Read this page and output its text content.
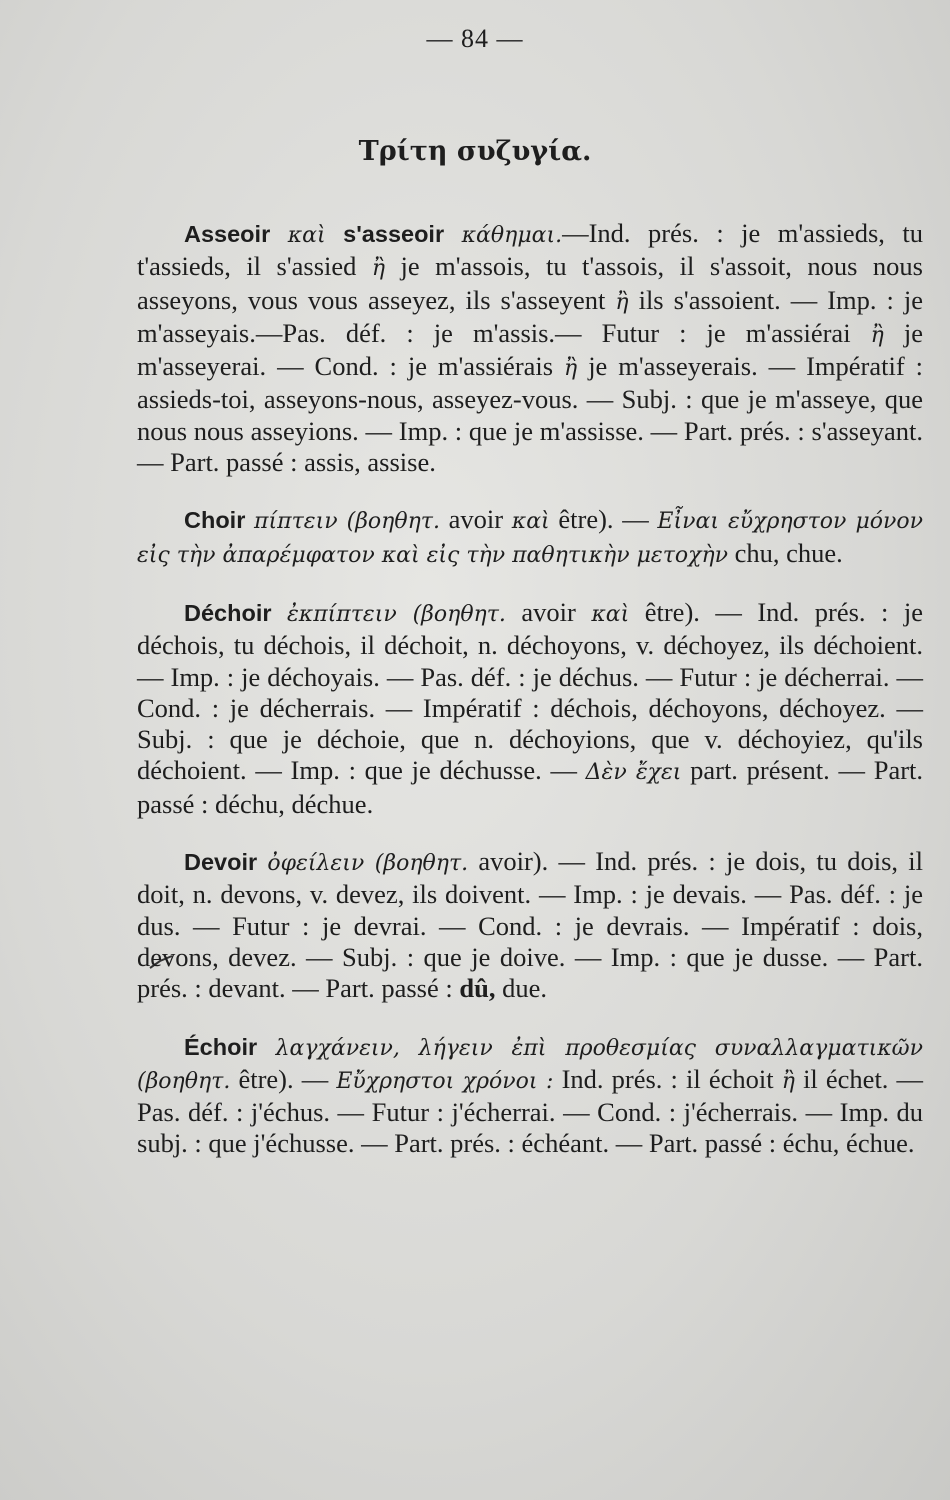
— 84 —
Τρίτη συζυγία.

Asseoir καὶ s'asseoir κάθημαι.—Ind. prés. : je m'assieds, tu t'assieds, il s'assied ἢ je m'assois, tu t'assois, il s'assoit, nous nous asseyons, vous vous asseyez, ils s'asseyent ἢ ils s'assoient. — Imp. : je m'asseyais.—Pas. déf. : je m'assis.— Futur : je m'assiérai ἢ je m'asseyerai. — Cond. : je m'assiérais ἢ je m'asseyerais. — Impératif : assieds-toi, asseyons-nous, asseyez-vous. — Subj. : que je m'asseye, que nous nous asseyions. — Imp. : que je m'assisse. — Part. prés. : s'asseyant.— Part. passé : assis, assise.

Choir πίπτειν (βοηθητ. avoir καὶ être). — Εἶναι εὔχρηστον μόνον εἰς τὴν ἀπαρέμφατον καὶ εἰς τὴν παθητικὴν μετοχὴν chu, chue.

Déchoir ἐκπίπτειν (βοηθητ. avoir καὶ être). — Ind. prés. : je déchois, tu déchois, il déchoit, n. déchoyons, v. déchoyez, ils déchoient. — Imp. : je déchoyais. — Pas. déf. : je déchus. — Futur : je décherrai. — Cond. : je décherrais. — Impératif : déchois, déchoyons, déchoyez. — Subj. : que je déchoie, que n. déchoyions, que v. déchoyiez, qu'ils déchoient. — Imp. : que je déchusse. — Δὲν ἔχει part. présent. — Part. passé : déchu, déchue.

Devoir ὀφείλειν (βοηθητ. avoir). — Ind. prés. : je dois, tu dois, il doit, n. devons, v. devez, ils doivent. — Imp. : je devais. — Pas. déf. : je dus. — Futur : je devrai. — Cond. : je devrais. — Impératif : dois, devons, devez. — Subj. : que je doive. — Imp. : que je dusse. — Part. prés. : devant. — Part. passé : dû, due.

Échoir λαγχάνειν, λήγειν ἐπὶ προθεσμίας συναλλαγματικῶν (βοηθητ. être). — Εὔχρηστοι χρόνοι : Ind. prés. : il échoit ἢ il échet. — Pas. déf. : j'échus. — Futur : j'écherrai. — Cond. : j'écherrais. — Imp. du subj. : que j'échusse. — Part. prés. : échéant. — Part. passé : échu, échue.
